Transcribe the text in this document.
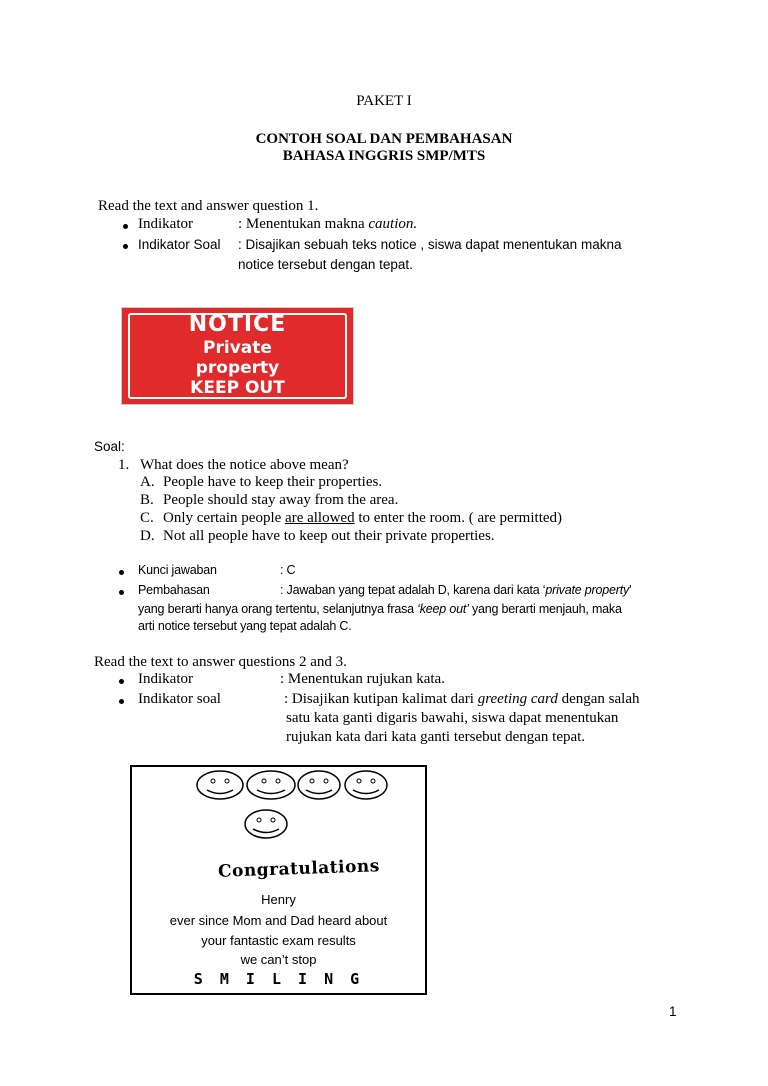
PAKET I
CONTOH SOAL DAN PEMBAHASAN
BAHASA INGGRIS SMP/MTS
Read the text and answer question 1.
Indikator	: Menentukan makna caution.
Indikator Soal : Disajikan sebuah teks notice , siswa dapat menentukan makna
notice tersebut dengan tepat.
NOTICE
Private
property
KEEP OUT
Soal:
1. What does the notice above mean?
A. People have to keep their properties.
B. People should stay away from the area.
C. Only certain people are allowed to enter the room. ( are permitted)
D. Not all people have to keep out their private properties.
Kunci jawaban	: C
Pembahasan	: Jawaban yang tepat adalah D, karena dari kata ‘private property’
yang berarti hanya orang tertentu, selanjutnya frasa ‘keep out’ yang berarti menjauh, maka
arti notice tersebut yang tepat adalah C.
Read the text to answer questions 2 and 3.
Indikator	: Menentukan rujukan kata.
Indikator soal	: Disajikan kutipan kalimat dari greeting card dengan salah
satu kata ganti digaris bawahi, siswa dapat menentukan
rujukan kata dari kata ganti tersebut dengan tepat.
Congratulations
Henry
ever since Mom and Dad heard about
your fantastic exam results
we can’t stop
S M I L I N G
1
